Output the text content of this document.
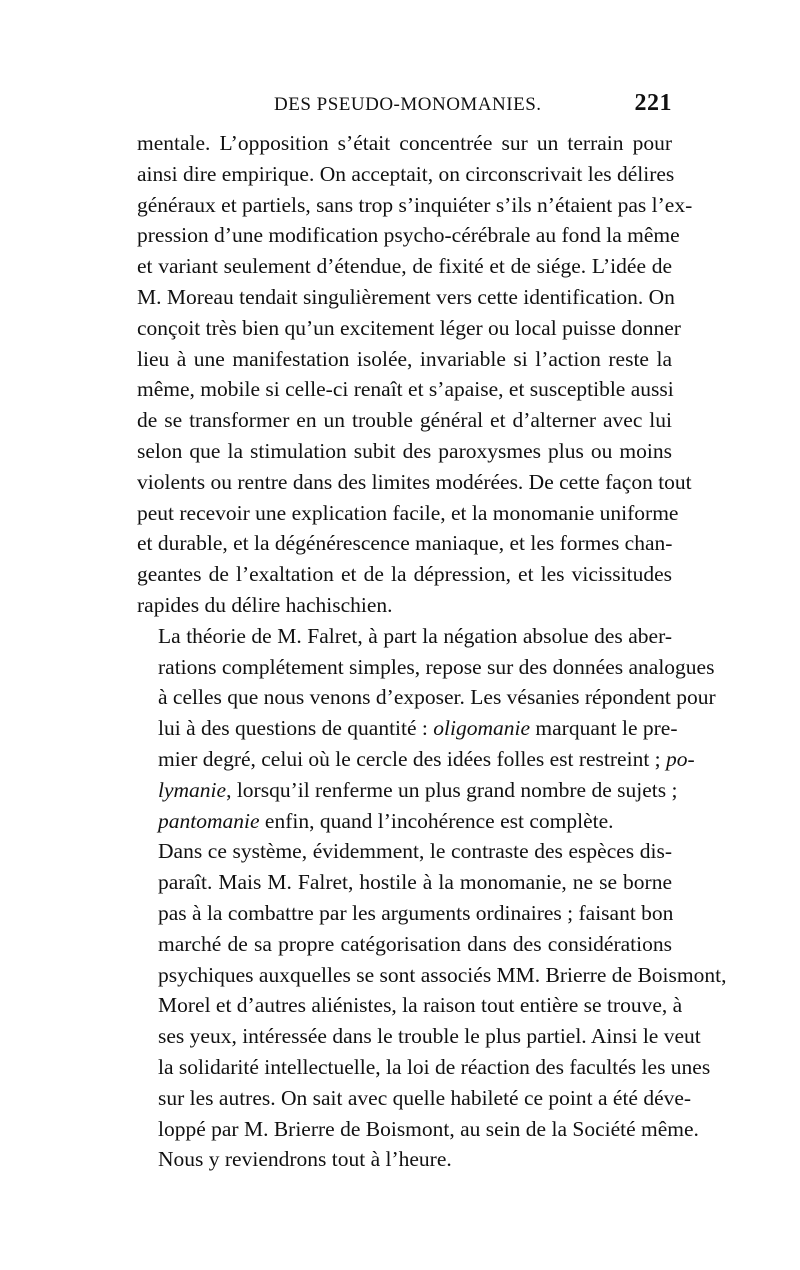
DES PSEUDO-MONOMANIES.	221

mentale. L’opposition s’était concentrée sur un terrain pour
ainsi dire empirique. On acceptait, on circonscrivait les délires
généraux et partiels, sans trop s’inquiéter s’ils n’étaient pas l’ex-
pression d’une modification psycho-cérébrale au fond la même
et variant seulement d’étendue, de fixité et de siége. L’idée de
M. Moreau tendait singulièrement vers cette identification. On
conçoit très bien qu’un excitement léger ou local puisse donner
lieu à une manifestation isolée, invariable si l’action reste la
même, mobile si celle-ci renaît et s’apaise, et susceptible aussi
de se transformer en un trouble général et d’alterner avec lui
selon que la stimulation subit des paroxysmes plus ou moins
violents ou rentre dans des limites modérées. De cette façon tout
peut recevoir une explication facile, et la monomanie uniforme
et durable, et la dégénérescence maniaque, et les formes chan-
geantes de l’exaltation et de la dépression, et les vicissitudes
rapides du délire hachischien.

La théorie de M. Falret, à part la négation absolue des aber-
rations complétement simples, repose sur des données analogues
à celles que nous venons d’exposer. Les vésanies répondent pour
lui à des questions de quantité : oligomanie marquant le pre-
mier degré, celui où le cercle des idées folles est restreint ; po-
lymanie, lorsqu’il renferme un plus grand nombre de sujets ;
pantomanie enfin, quand l’incohérence est complète.

Dans ce système, évidemment, le contraste des espèces dis-
paraît. Mais M. Falret, hostile à la monomanie, ne se borne
pas à la combattre par les arguments ordinaires ; faisant bon
marché de sa propre catégorisation dans des considérations
psychiques auxquelles se sont associés MM. Brierre de Boismont,
Morel et d’autres aliénistes, la raison tout entière se trouve, à
ses yeux, intéressée dans le trouble le plus partiel. Ainsi le veut
la solidarité intellectuelle, la loi de réaction des facultés les unes
sur les autres. On sait avec quelle habileté ce point a été déve-
loppé par M. Brierre de Boismont, au sein de la Société même.
Nous y reviendrons tout à l’heure.
